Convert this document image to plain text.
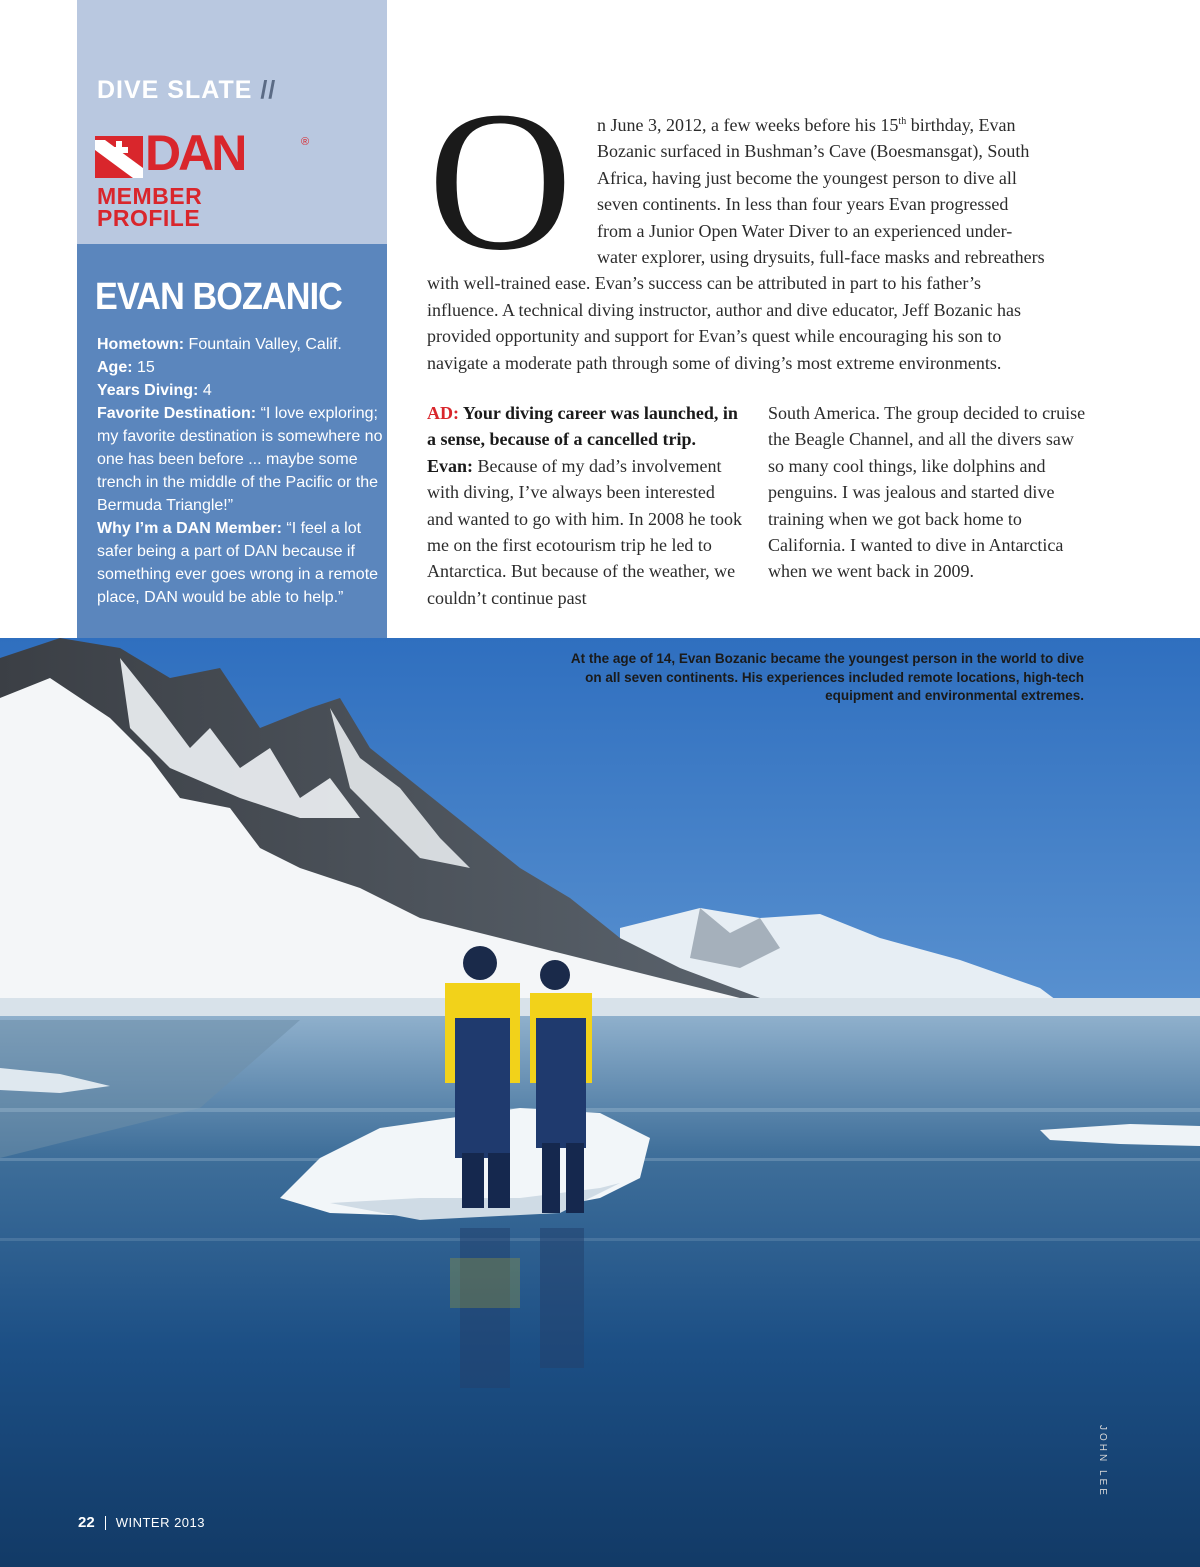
DIVE SLATE //
DAN	®
MEMBER
PROFILE
EVAN BOZANIC
Hometown: Fountain Valley, Calif.
Age: 15
Years Diving: 4
Favorite Destination: “I love exploring; my favorite destination is somewhere no one has been before ... maybe some trench in the middle of the Pacific or the Bermuda Triangle!”
Why I’m a DAN Member: “I feel a lot safer being a part of DAN because if something ever goes wrong in a remote place, DAN would be able to help.”
O	n June 3, 2012, a few weeks before his 15th birthday, Evan
Bozanic surfaced in Bushman’s Cave (Boesmansgat), South
Africa, having just become the youngest person to dive all
seven continents. In less than four years Evan progressed
from a Junior Open Water Diver to an experienced under-
water explorer, using drysuits, full-face masks and rebreathers
with well-trained ease. Evan’s success can be attributed in part to his father’s
influence. A technical diving instructor, author and dive educator, Jeff Bozanic has
provided opportunity and support for Evan’s quest while encouraging his son to
navigate a moderate path through some of diving’s most extreme environments.
AD: Your diving career was launched, in a sense, because of a cancelled trip.
Evan: Because of my dad’s involvement with diving, I’ve always been interested and wanted to go with him. In 2008 he took me on the first ecotourism trip he led to Antarctica. But because of the weather, we couldn’t continue past
South America. The group decided to cruise the Beagle Channel, and all the divers saw so many cool things, like dolphins and penguins. I was jealous and started dive training when we got back home to California. I wanted to dive in Antarctica when we went back in 2009.
At the age of 14, Evan Bozanic became the youngest person in the world to dive on all seven continents. His experiences included remote locations, high-tech equipment and environmental extremes.
JOHN LEE
22 WINTER 2013
